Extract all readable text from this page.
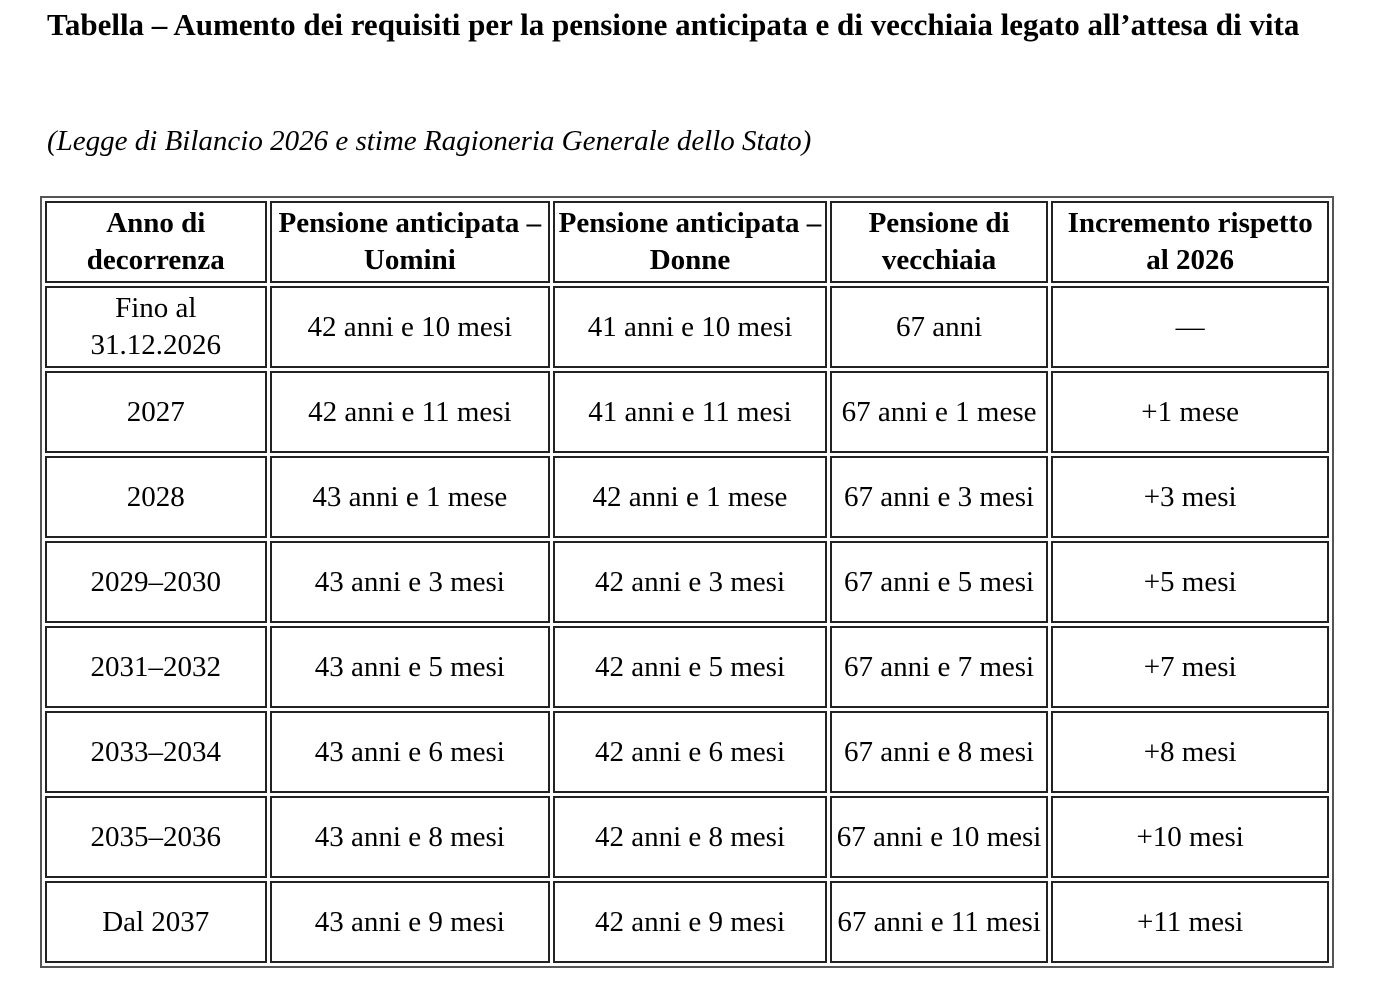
Tabella – Aumento dei requisiti per la pensione anticipata e di vecchiaia legato all’attesa di vita

(Legge di Bilancio 2026 e stime Ragioneria Generale dello Stato)

Anno di decorrenza	Pensione anticipata – Uomini	Pensione anticipata – Donne	Pensione di vecchiaia	Incremento rispetto al 2026
Fino al 31.12.2026	42 anni e 10 mesi	41 anni e 10 mesi	67 anni	—
2027	42 anni e 11 mesi	41 anni e 11 mesi	67 anni e 1 mese	+1 mese
2028	43 anni e 1 mese	42 anni e 1 mese	67 anni e 3 mesi	+3 mesi
2029–2030	43 anni e 3 mesi	42 anni e 3 mesi	67 anni e 5 mesi	+5 mesi
2031–2032	43 anni e 5 mesi	42 anni e 5 mesi	67 anni e 7 mesi	+7 mesi
2033–2034	43 anni e 6 mesi	42 anni e 6 mesi	67 anni e 8 mesi	+8 mesi
2035–2036	43 anni e 8 mesi	42 anni e 8 mesi	67 anni e 10 mesi	+10 mesi
Dal 2037	43 anni e 9 mesi	42 anni e 9 mesi	67 anni e 11 mesi	+11 mesi
